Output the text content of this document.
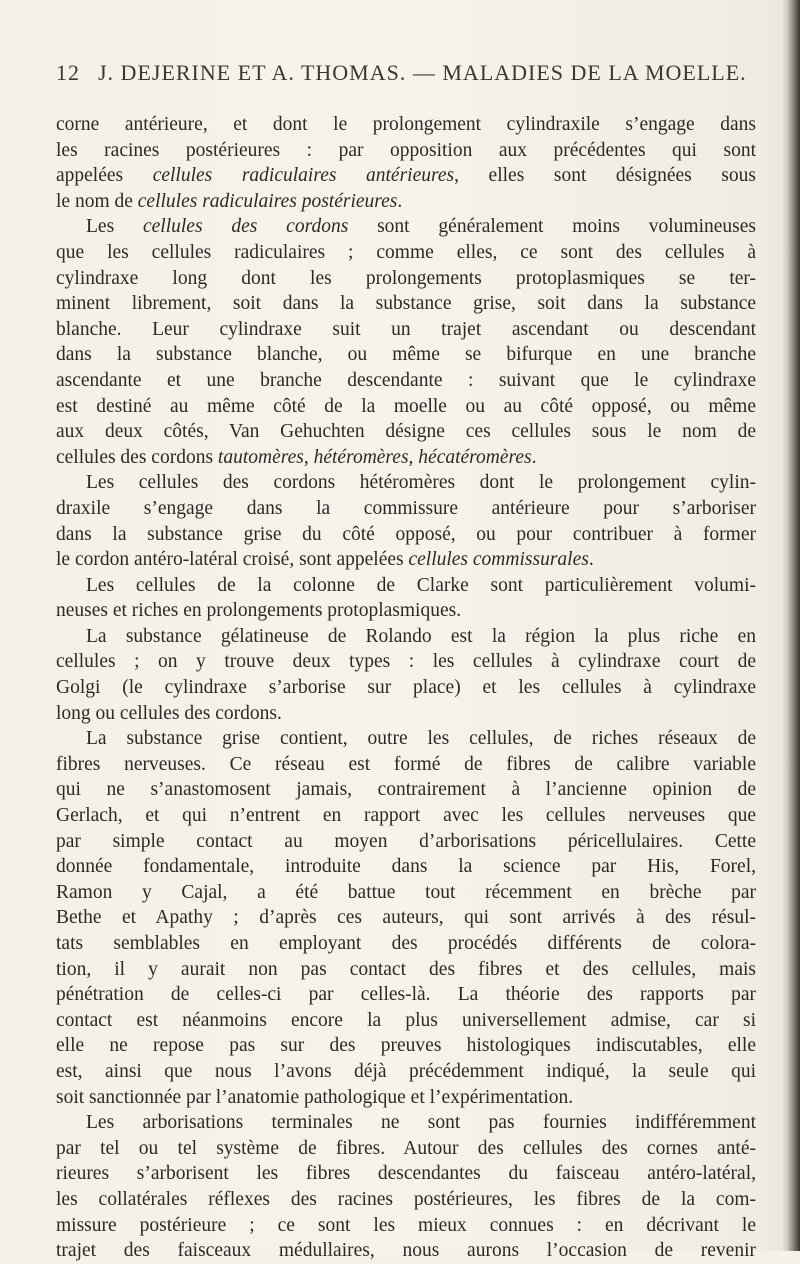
12 J. DEJERINE ET A. THOMAS. — MALADIES DE LA MOELLE.
corne antérieure, et dont le prolongement cylindraxile s’engage dans
les racines postérieures : par opposition aux précédentes qui sont
appelées cellules radiculaires antérieures, elles sont désignées sous
le nom de cellules radiculaires postérieures.
Les cellules des cordons sont généralement moins volumineuses
que les cellules radiculaires ; comme elles, ce sont des cellules à
cylindraxe long dont les prolongements protoplasmiques se ter-
minent librement, soit dans la substance grise, soit dans la substance
blanche. Leur cylindraxe suit un trajet ascendant ou descendant
dans la substance blanche, ou même se bifurque en une branche
ascendante et une branche descendante : suivant que le cylindraxe
est destiné au même côté de la moelle ou au côté opposé, ou même
aux deux côtés, Van Gehuchten désigne ces cellules sous le nom de
cellules des cordons tautomères, hétéromères, hécatéromères.
Les cellules des cordons hétéromères dont le prolongement cylin-
draxile s’engage dans la commissure antérieure pour s’arboriser
dans la substance grise du côté opposé, ou pour contribuer à former
le cordon antéro-latéral croisé, sont appelées cellules commissurales.
Les cellules de la colonne de Clarke sont particulièrement volumi-
neuses et riches en prolongements protoplasmiques.
La substance gélatineuse de Rolando est la région la plus riche en
cellules ; on y trouve deux types : les cellules à cylindraxe court de
Golgi (le cylindraxe s’arborise sur place) et les cellules à cylindraxe
long ou cellules des cordons.
La substance grise contient, outre les cellules, de riches réseaux de
fibres nerveuses. Ce réseau est formé de fibres de calibre variable
qui ne s’anastomosent jamais, contrairement à l’ancienne opinion de
Gerlach, et qui n’entrent en rapport avec les cellules nerveuses que
par simple contact au moyen d’arborisations péricellulaires. Cette
donnée fondamentale, introduite dans la science par His, Forel,
Ramon y Cajal, a été battue tout récemment en brèche par
Bethe et Apathy ; d’après ces auteurs, qui sont arrivés à des résul-
tats semblables en employant des procédés différents de colora-
tion, il y aurait non pas contact des fibres et des cellules, mais
pénétration de celles-ci par celles-là. La théorie des rapports par
contact est néanmoins encore la plus universellement admise, car si
elle ne repose pas sur des preuves histologiques indiscutables, elle
est, ainsi que nous l’avons déjà précédemment indiqué, la seule qui
soit sanctionnée par l’anatomie pathologique et l’expérimentation.
Les arborisations terminales ne sont pas fournies indifféremment
par tel ou tel système de fibres. Autour des cellules des cornes anté-
rieures s’arborisent les fibres descendantes du faisceau antéro-latéral,
les collatérales réflexes des racines postérieures, les fibres de la com-
missure postérieure ; ce sont les mieux connues : en décrivant le
trajet des faisceaux médullaires, nous aurons l’occasion de revenir
